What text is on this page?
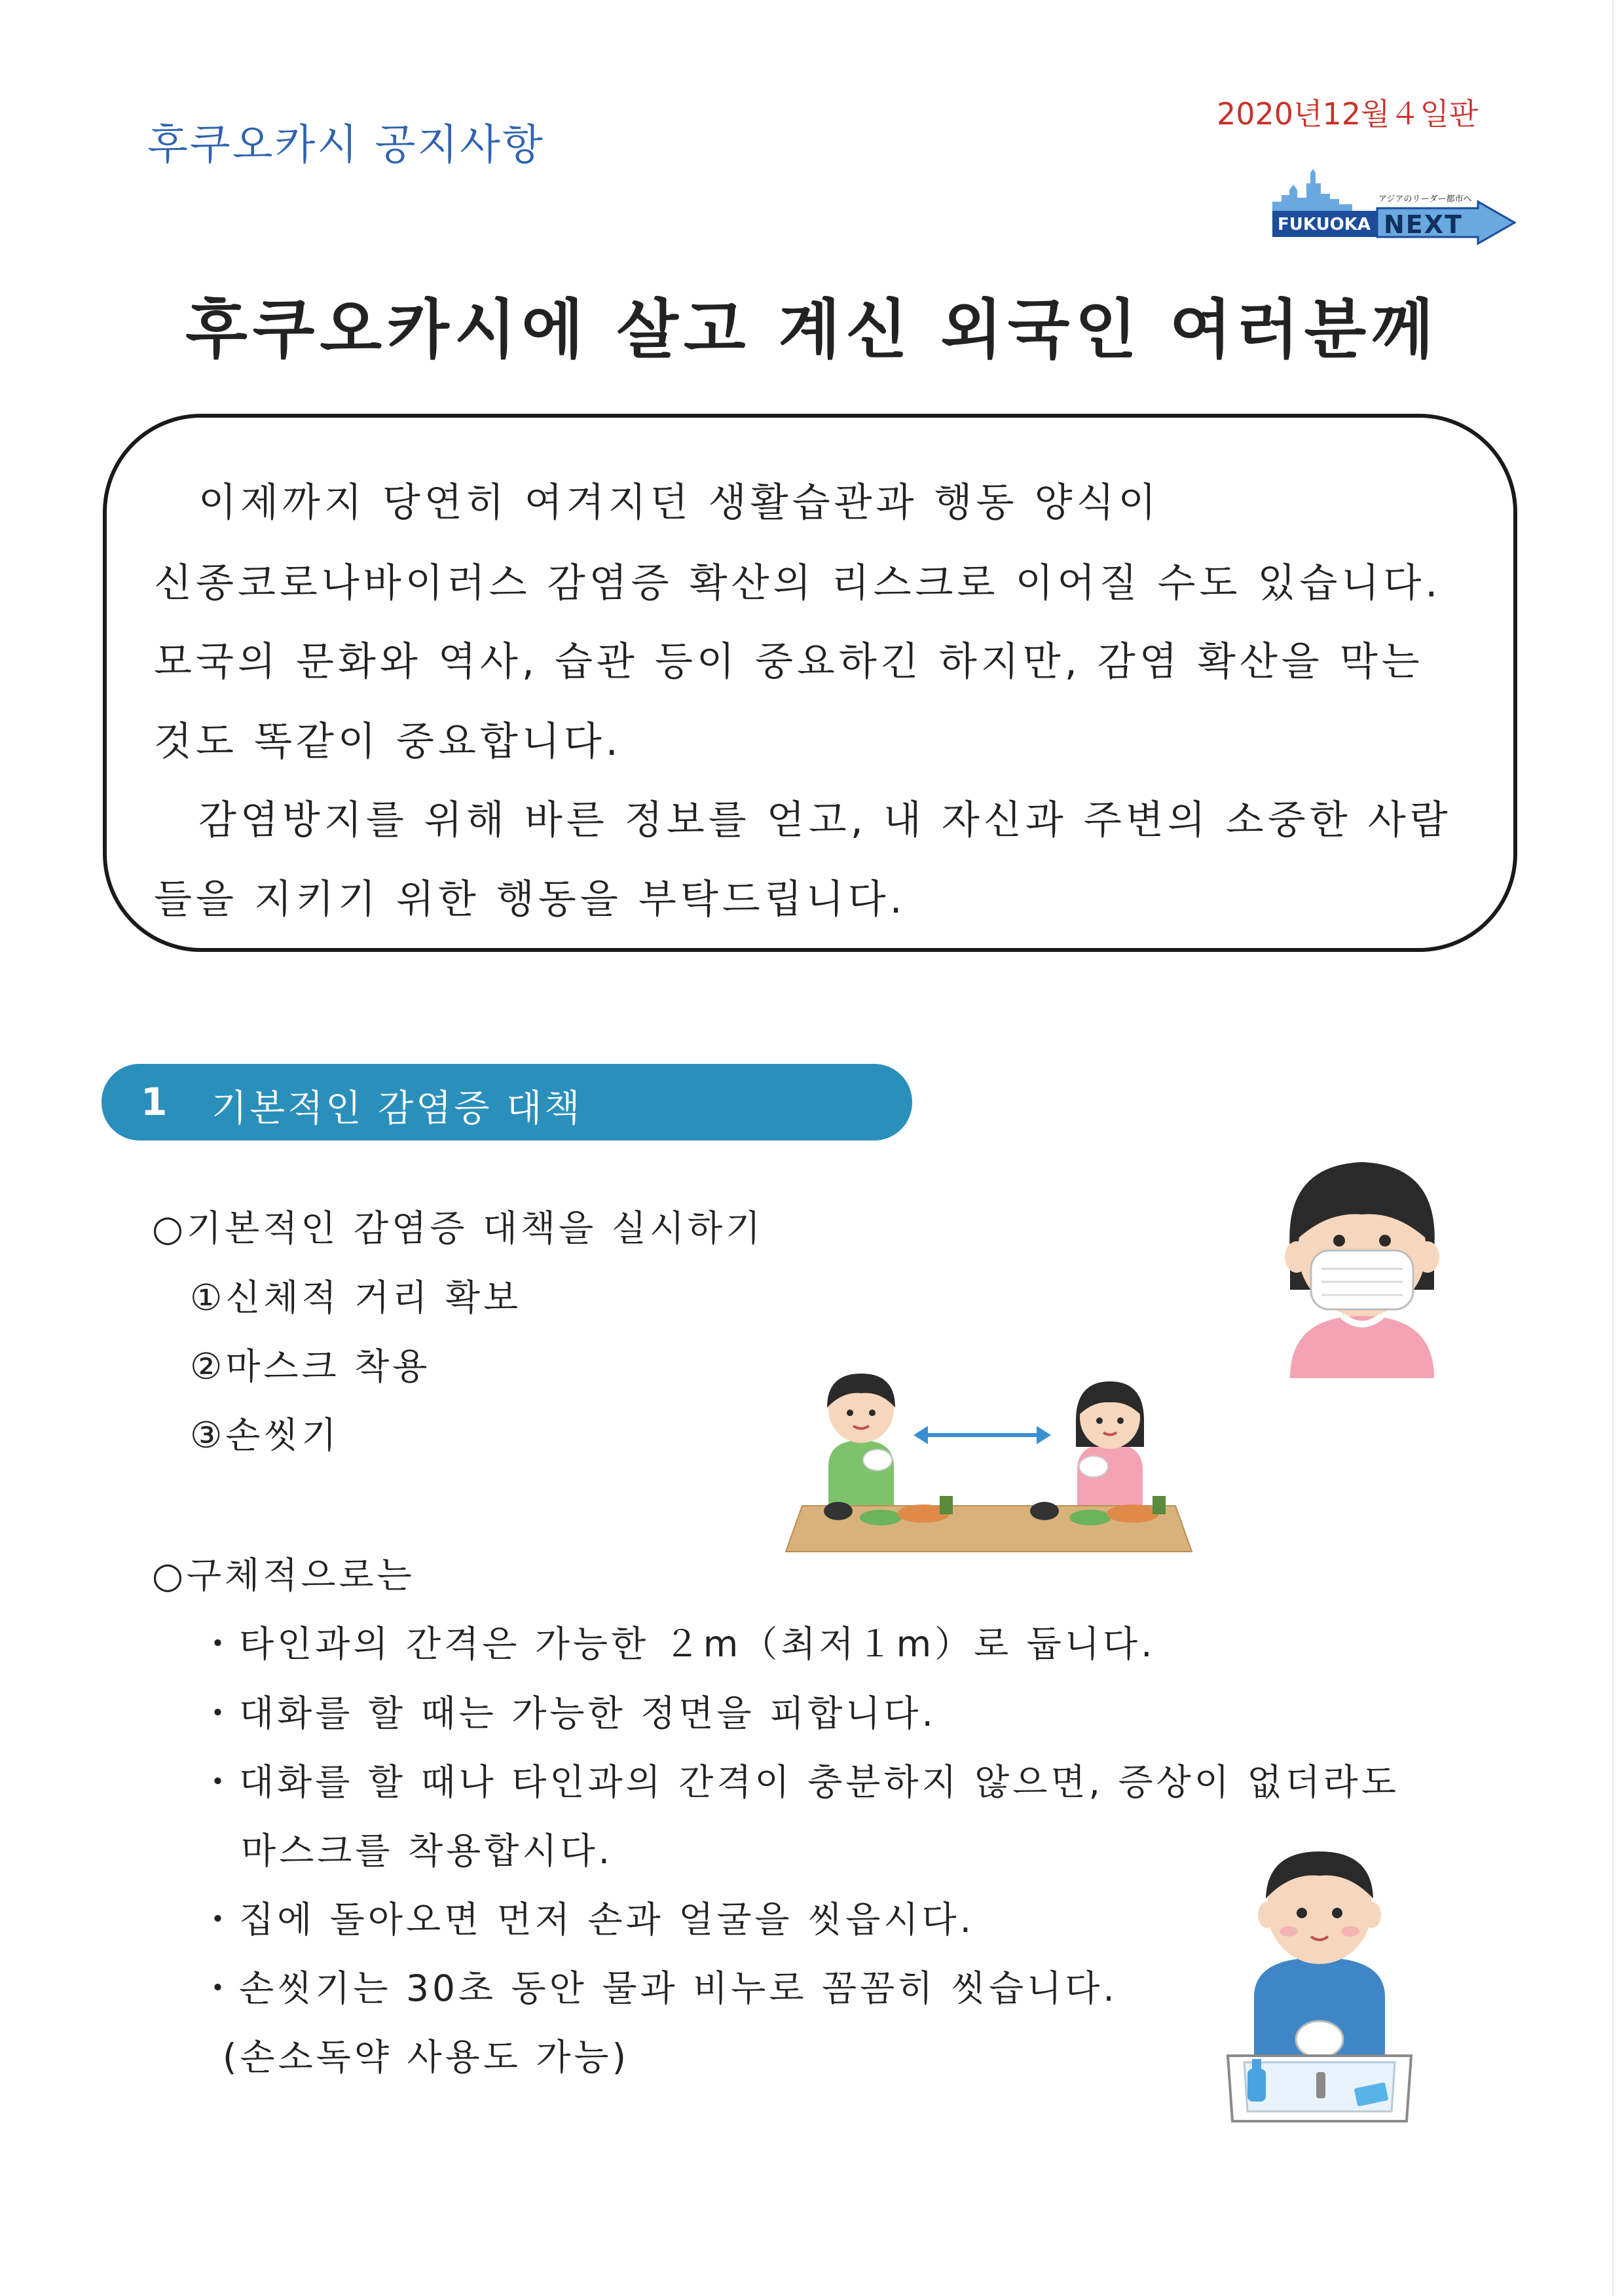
후쿠오카시 공지사항
2020년12월４일판
FUKUOKA NEXT
アジアのリーダー都市へ
후쿠오카시에 살고 계신 외국인 여러분께

이제까지 당연히 여겨지던 생활습관과 행동 양식이

신종코로나바이러스 감염증 확산의 리스크로 이어질 수도 있습니다.

모국의 문화와 역사, 습관 등이 중요하긴 하지만, 감염 확산을 막는

것도 똑같이 중요합니다.

감염방지를 위해 바른 정보를 얻고, 내 자신과 주변의 소중한 사람

들을 지키기 위한 행동을 부탁드립니다.

1 기본적인 감염증 대책

○기본적인 감염증 대책을 실시하기

①신체적 거리 확보

②마스크 착용

③손씻기

○구체적으로는

・타인과의 간격은 가능한 ２m（최저１m）로 둡니다.

・대화를 할 때는 가능한 정면을 피합니다.

・대화를 할 때나 타인과의 간격이 충분하지 않으면, 증상이 없더라도

마스크를 착용합시다.

・집에 돌아오면 먼저 손과 얼굴을 씻읍시다.

・손씻기는 30초 동안 물과 비누로 꼼꼼히 씻습니다.

(손소독약 사용도 가능)
